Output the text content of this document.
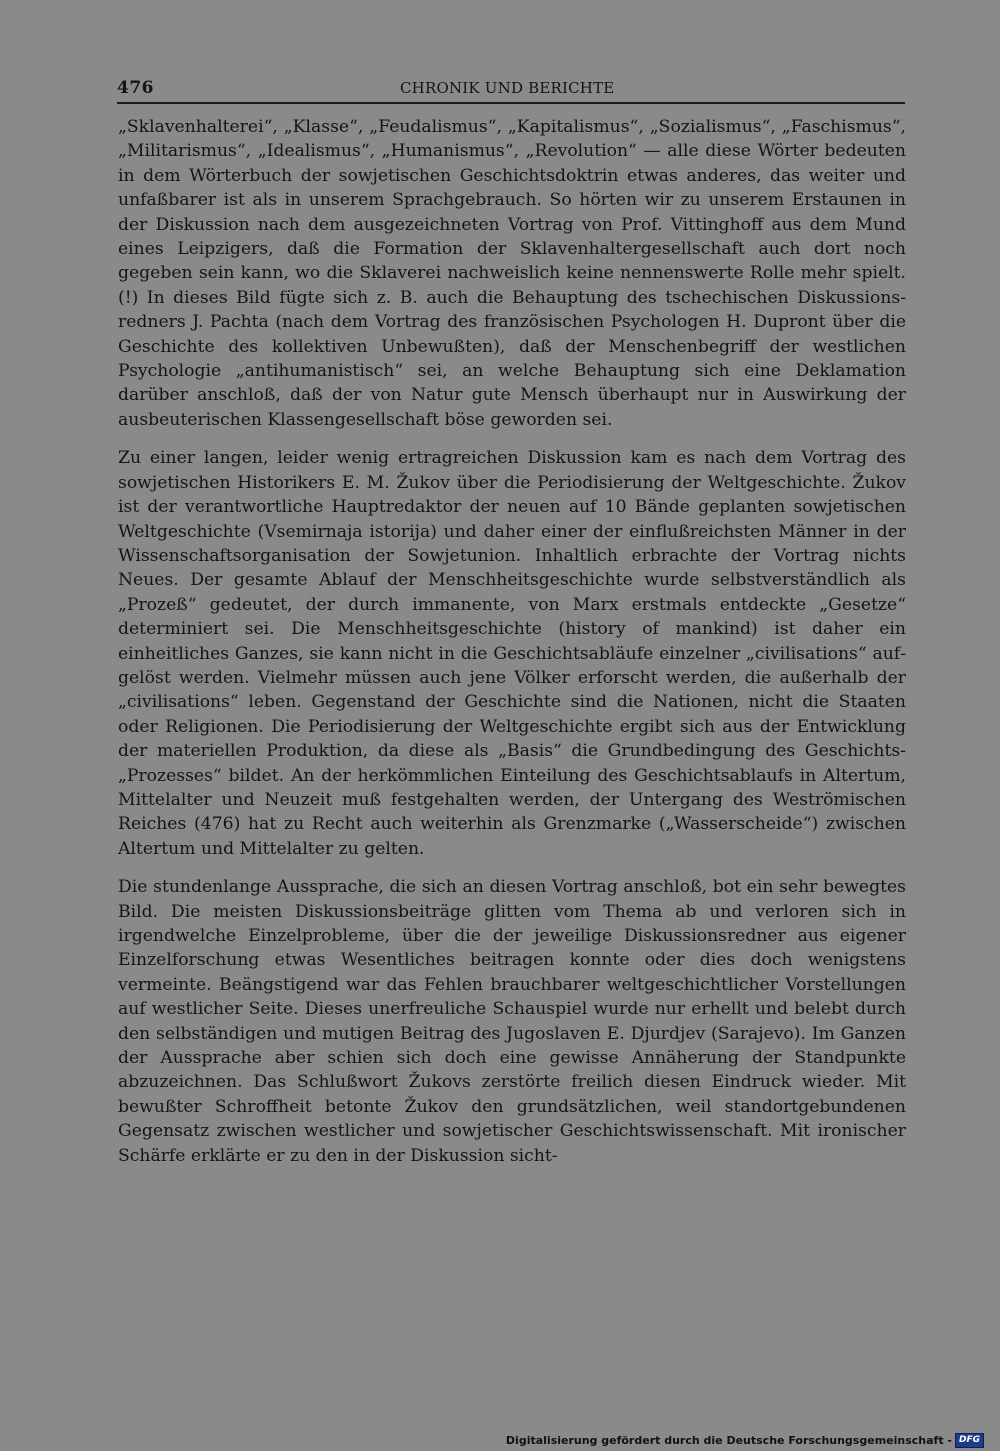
476	CHRONIK UND BERICHTE

„Sklavenhalterei“, „Klasse“, „Feudalismus“, „Kapitalismus“, „Sozialismus“, „Faschismus“, „Militarismus“, „Idealismus“, „Humanismus“, „Revolution“ — alle diese Wörter bedeuten in dem Wörterbuch der sowjetischen Geschichtsdoktrin etwas anderes, das weiter und unfaßbarer ist als in unserem Sprachgebrauch. So hörten wir zu unserem Erstaunen in der Diskussion nach dem ausgezeichneten Vortrag von Prof. Vittinghoff aus dem Mund eines Leipzigers, daß die Formation der Sklavenhaltergesellschaft auch dort noch gegeben sein kann, wo die Sklaverei nachweislich keine nennenswerte Rolle mehr spielt. (!) In dieses Bild fügte sich z. B. auch die Behauptung des tschechischen Diskussionsredners J. Pachta (nach dem Vortrag des französischen Psychologen H. Dupront über die Geschichte des kollektiven Unbewußten), daß der Menschenbegriff der westlichen Psychologie „antihumanistisch“ sei, an welche Behauptung sich eine Deklamation darüber anschloß, daß der von Natur gute Mensch überhaupt nur in Auswirkung der ausbeuterischen Klassengesellschaft böse geworden sei.

Zu einer langen, leider wenig ertragreichen Diskussion kam es nach dem Vortrag des sowjetischen Historikers E. M. Žukov über die Periodisierung der Weltgeschichte. Žukov ist der verantwortliche Hauptredaktor der neuen auf 10 Bände geplanten sowjetischen Weltgeschichte (Vsemirnaja istorija) und daher einer der einflußreichsten Männer in der Wissenschaftsorganisation der Sowjetunion. Inhaltlich erbrachte der Vortrag nichts Neues. Der gesamte Ablauf der Menschheitsgeschichte wurde selbstverständlich als „Prozeß“ gedeutet, der durch immanente, von Marx erstmals entdeckte „Gesetze“ determiniert sei. Die Menschheitsgeschichte (history of mankind) ist daher ein einheitliches Ganzes, sie kann nicht in die Geschichtsabläufe einzelner „civilisations“ aufgelöst werden. Vielmehr müssen auch jene Völker erforscht werden, die außerhalb der „civilisations“ leben. Gegenstand der Geschichte sind die Nationen, nicht die Staaten oder Religionen. Die Periodisierung der Weltgeschichte ergibt sich aus der Entwicklung der materiellen Produktion, da diese als „Basis“ die Grundbedingung des Geschichts-„Prozesses“ bildet. An der herkömmlichen Einteilung des Geschichtsablaufs in Altertum, Mittelalter und Neuzeit muß festgehalten werden, der Untergang des Weströmischen Reiches (476) hat zu Recht auch weiterhin als Grenzmarke („Wasserscheide“) zwischen Altertum und Mittelalter zu gelten.

Die stundenlange Aussprache, die sich an diesen Vortrag anschloß, bot ein sehr bewegtes Bild. Die meisten Diskussionsbeiträge glitten vom Thema ab und verloren sich in irgendwelche Einzelprobleme, über die der jeweilige Diskussionsredner aus eigener Einzelforschung etwas Wesentliches beitragen konnte oder dies doch wenigstens vermeinte. Beängstigend war das Fehlen brauchbarer weltgeschichtlicher Vorstellungen auf westlicher Seite. Dieses unerfreuliche Schauspiel wurde nur erhellt und belebt durch den selbständigen und mutigen Beitrag des Jugoslaven E. Djurdjev (Sarajevo). Im Ganzen der Aussprache aber schien sich doch eine gewisse Annäherung der Standpunkte abzuzeichnen. Das Schlußwort Žukovs zerstörte freilich diesen Eindruck wieder. Mit bewußter Schroffheit betonte Žukov den grundsätzlichen, weil standortgebundenen Gegensatz zwischen westlicher und sowjetischer Geschichtswissenschaft. Mit ironischer Schärfe erklärte er zu den in der Diskussion sicht-

Digitalisierung gefördert durch die Deutsche Forschungsgemeinschaft - DFG
